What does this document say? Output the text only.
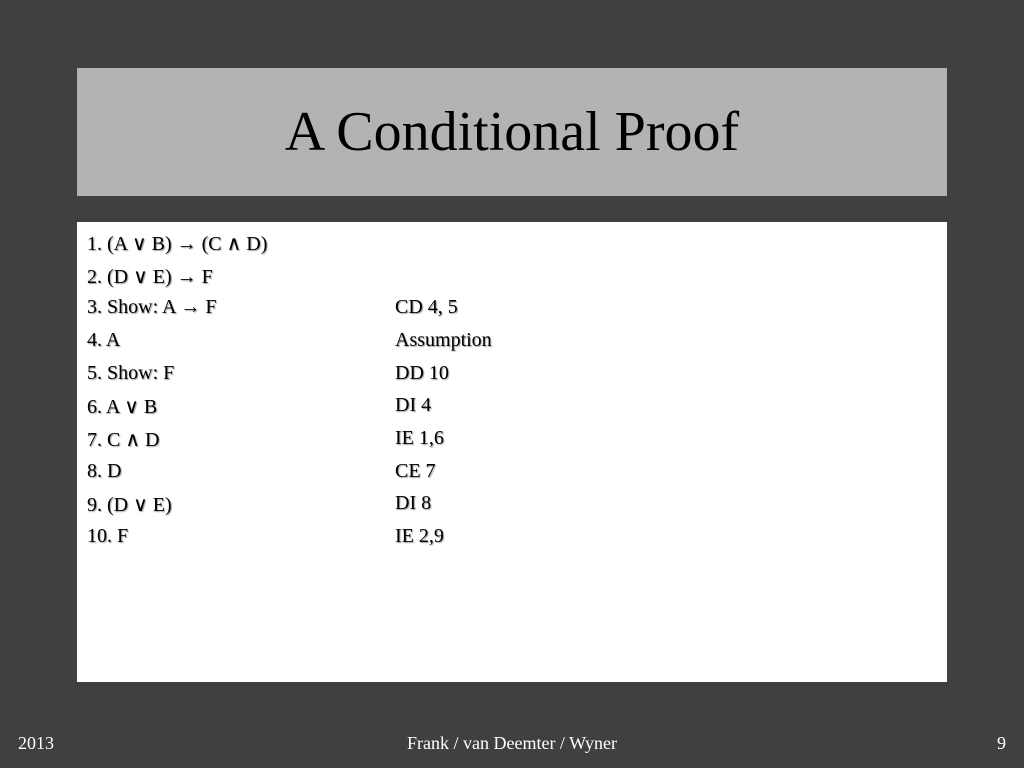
A Conditional Proof
1. (A ∨ B) → (C ∧ D)
2. (D ∨ E) → F
3. Show: A → F	CD 4, 5
4. A	Assumption
5. Show: F	DD 10
6. A ∨ B	DI 4
7. C ∧ D	IE 1,6
8. D	CE 7
9. (D ∨ E)	DI 8
10. F	IE 2,9
2013	Frank / van Deemter / Wyner	9
